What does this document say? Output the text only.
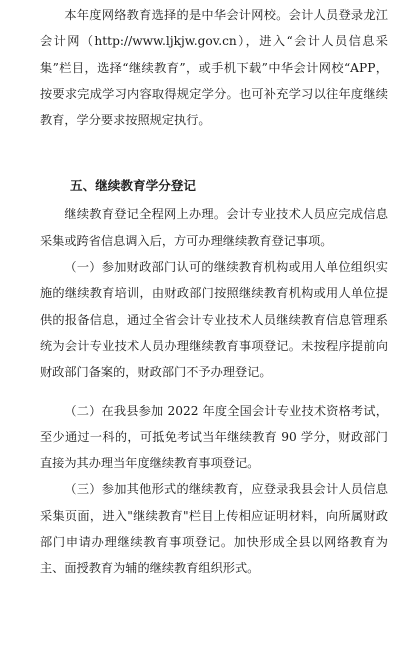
本年度网络教育选择的是中华会计网校。会计人员登录龙江会计网（http://www.ljkjw.gov.cn），进入“会计人员信息采集”栏目，选择“继续教育”，或手机下载”中华会计网校“APP，按要求完成学习内容取得规定学分。也可补充学习以往年度继续教育，学分要求按照规定执行。

五、继续教育学分登记

继续教育登记全程网上办理。会计专业技术人员应完成信息采集或跨省信息调入后，方可办理继续教育登记事项。

（一）参加财政部门认可的继续教育机构或用人单位组织实施的继续教育培训，由财政部门按照继续教育机构或用人单位提供的报备信息，通过全省会计专业技术人员继续教育信息管理系统为会计专业技术人员办理继续教育事项登记。未按程序提前向财政部门备案的，财政部门不予办理登记。

（二）在我县参加 2022 年度全国会计专业技术资格考试，至少通过一科的，可抵免考试当年继续教育 90 学分，财政部门直接为其办理当年度继续教育事项登记。

（三）参加其他形式的继续教育，应登录我县会计人员信息采集页面，进入"继续教育"栏目上传相应证明材料，向所属财政部门申请办理继续教育事项登记。加快形成全县以网络教育为主、面授教育为辅的继续教育组织形式。
